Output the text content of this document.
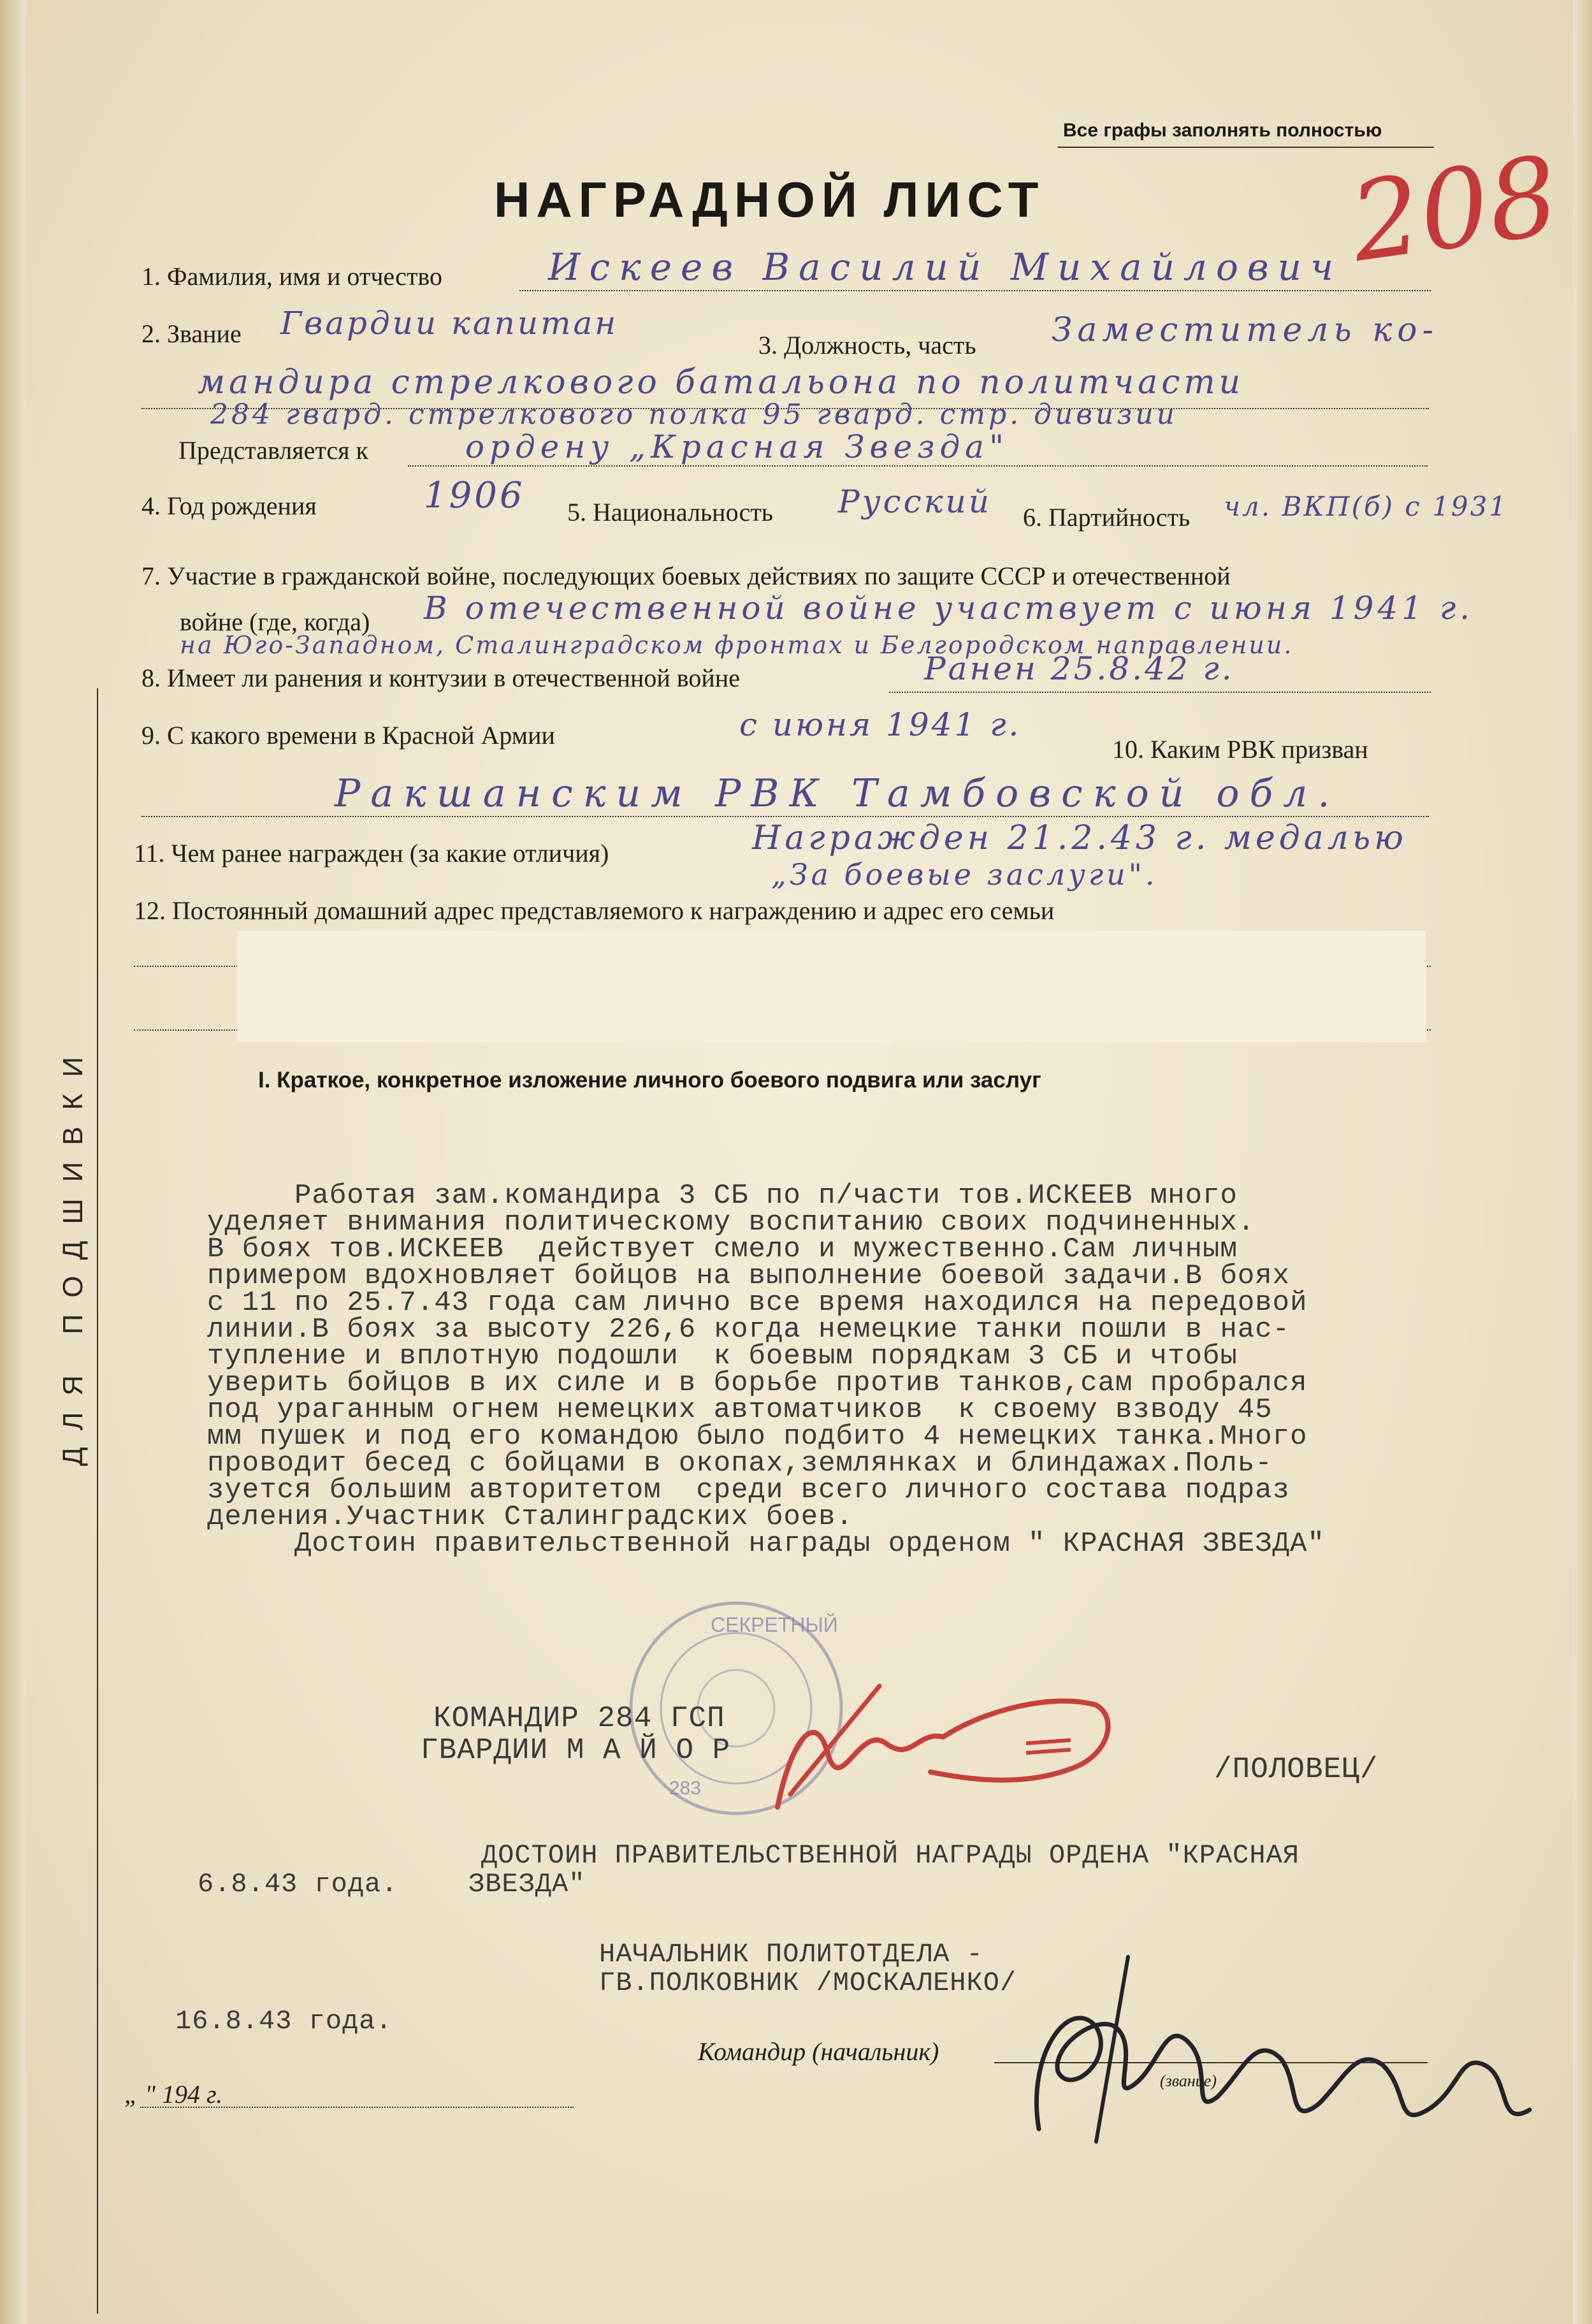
Все графы заполнять полностью
208
НАГРАДНОЙ ЛИСТ
ДЛЯ ПОДШИВКИ
1. Фамилия, имя и отчество	Искеев Василий Михайлович
2. Звание Гвардии капитан
3. Должность, часть Заместитель ко-
мандира стрелкового батальона по политчасти
284 гвард. стрелкового полка 95 гвард. стр. дивизии
Представляется к	ордену „Красная Звезда"
4. Год рождения	1906 5. Национальность Русский 6. Партийность чл. ВКП(б) с 1931
7. Участие в гражданской войне, последующих боевых действиях по защите СССР и отечественной
войне (где, когда) В отечественной войне участвует с июня 1941 г.
на Юго-Западном, Сталинградском фронтах и Белгородском направлении.
8. Имеет ли ранения и контузии в отечественной войне	Ранен 25.8.42 г.
9. С какого времени в Красной Армии	с июня 1941 г.
10. Каким РВК призван
Ракшанским РВК Тамбовской обл.
11. Чем ранее награжден (за какие отличия)	Награжден 21.2.43 г. медалью
„За боевые заслуги".
12. Постоянный домашний адрес представляемого к награждению и адрес его семьи
I. Краткое, конкретное изложение личного боевого подвига или заслуг
Работая зам.командира 3 СБ по п/части тов.ИСКЕЕВ много
уделяет внимания политическому воспитанию своих подчиненных.
В боях тов.ИСКЕЕВ  действует смело и мужественно.Сам личным
примером вдохновляет бойцов на выполнение боевой задачи.В боях
с 11 по 25.7.43 года сам лично все время находился на передовой
линии.В боях за высоту 226,6 когда немецкие танки пошли в нас-
тупление и вплотную подошли  к боевым порядкам 3 СБ и чтобы
уверить бойцов в их силе и в борьбе против танков,сам пробрался
под ураганным огнем немецких автоматчиков  к своему взводу 45
мм пушек и под его командою было подбито 4 немецких танка.Много
проводит бесед с бойцами в окопах,землянках и блиндажах.Поль-
зуется большим авторитетом  среди всего личного состава подраз
деления.Участник Сталинградских боев.
Достоин правительственной награды орденом " КРАСНАЯ ЗВЕЗДА"
СЕКРЕТНЫЙ
283
КОМАНДИР 284 ГСП
ГВАРДИИ М А Й О Р
/ПОЛОВЕЦ/
ДОСТОИН ПРАВИТЕЛЬСТВЕННОЙ НАГРАДЫ ОРДЕНА "КРАСНАЯ
6.8.43 года.	ЗВЕЗДА"
НАЧАЛЬНИК ПОЛИТОТДЕЛА -
ГВ.ПОЛКОВНИК /МОСКАЛЕНКО/
16.8.43 года.
Командир (начальник)
(звание)
„ " 194 г.
